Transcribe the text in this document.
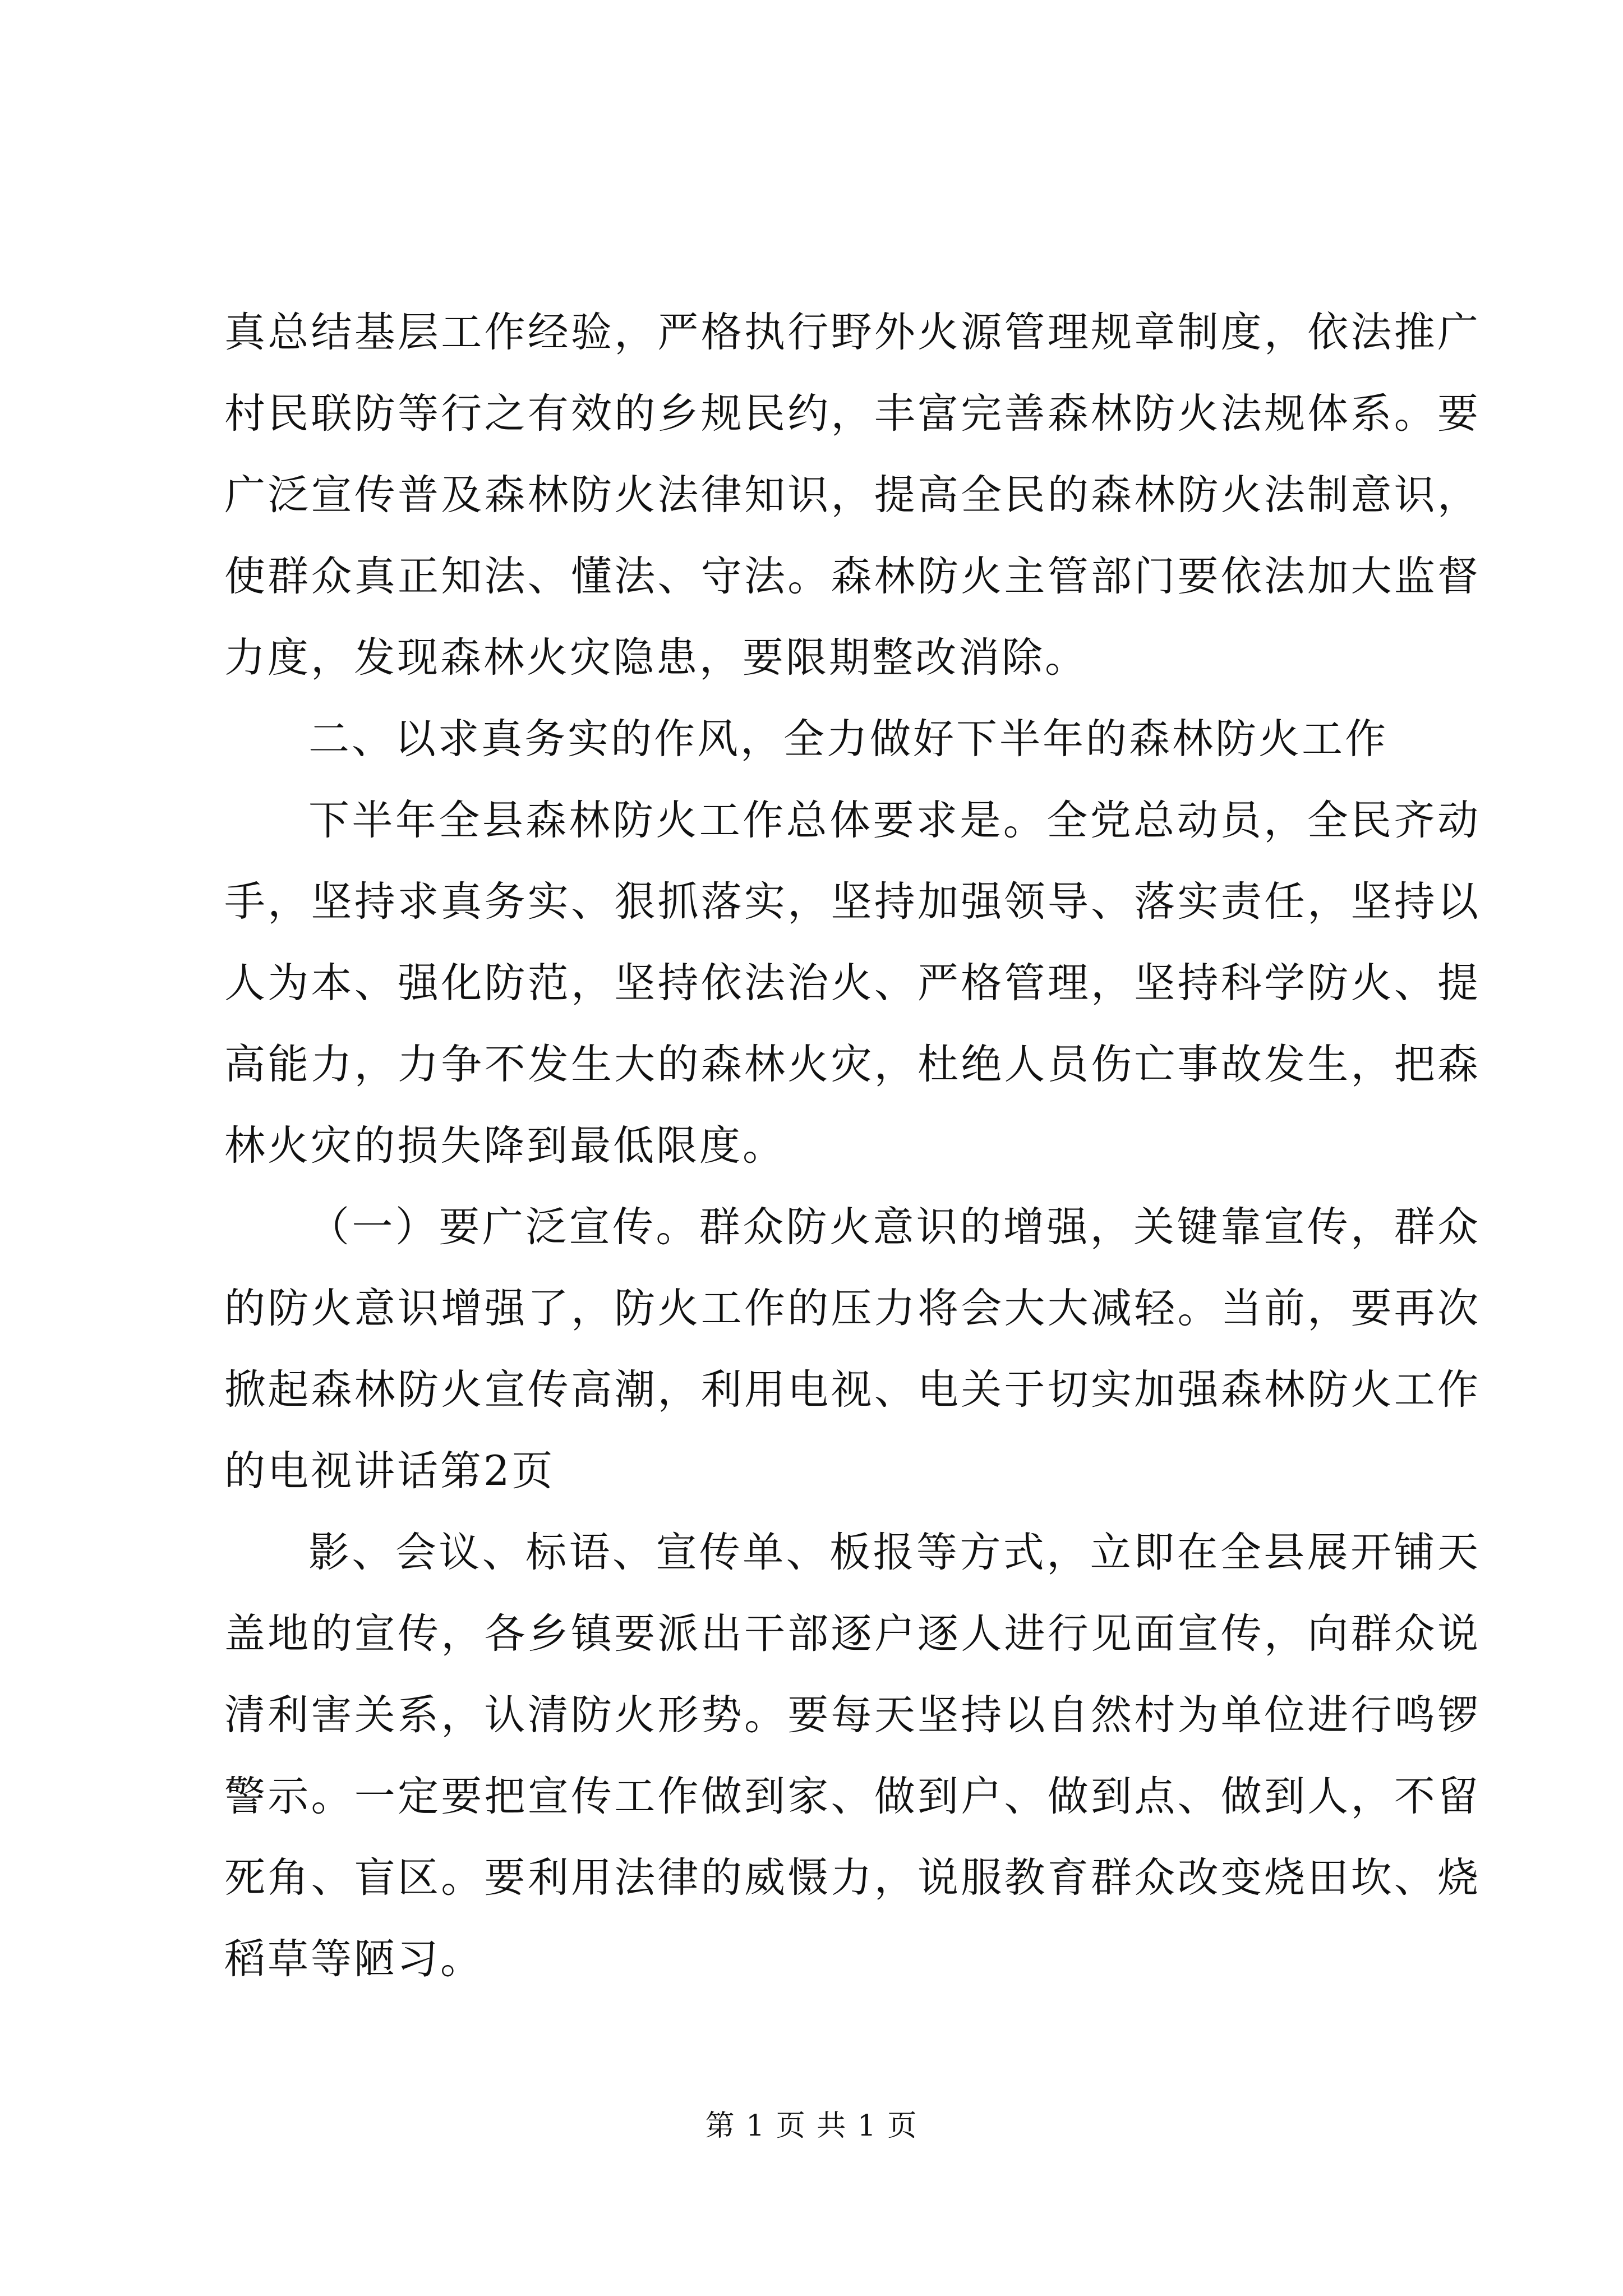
真总结基层工作经验，严格执行野外火源管理规章制度，依法推广村民联防等行之有效的乡规民约，丰富完善森林防火法规体系。要广泛宣传普及森林防火法律知识，提高全民的森林防火法制意识，使群众真正知法、懂法、守法。森林防火主管部门要依法加大监督力度，发现森林火灾隐患，要限期整改消除。

二、以求真务实的作风，全力做好下半年的森林防火工作

下半年全县森林防火工作总体要求是。全党总动员，全民齐动手，坚持求真务实、狠抓落实，坚持加强领导、落实责任，坚持以人为本、强化防范，坚持依法治火、严格管理，坚持科学防火、提高能力，力争不发生大的森林火灾，杜绝人员伤亡事故发生，把森林火灾的损失降到最低限度。

（一）要广泛宣传。群众防火意识的增强，关键靠宣传，群众的防火意识增强了，防火工作的压力将会大大减轻。当前，要再次掀起森林防火宣传高潮，利用电视、电关于切实加强森林防火工作的电视讲话第2页

影、会议、标语、宣传单、板报等方式，立即在全县展开铺天盖地的宣传，各乡镇要派出干部逐户逐人进行见面宣传，向群众说清利害关系，认清防火形势。要每天坚持以自然村为单位进行鸣锣警示。一定要把宣传工作做到家、做到户、做到点、做到人，不留死角、盲区。要利用法律的威慑力，说服教育群众改变烧田坎、烧稻草等陋习。

第 1 页 共 1 页
